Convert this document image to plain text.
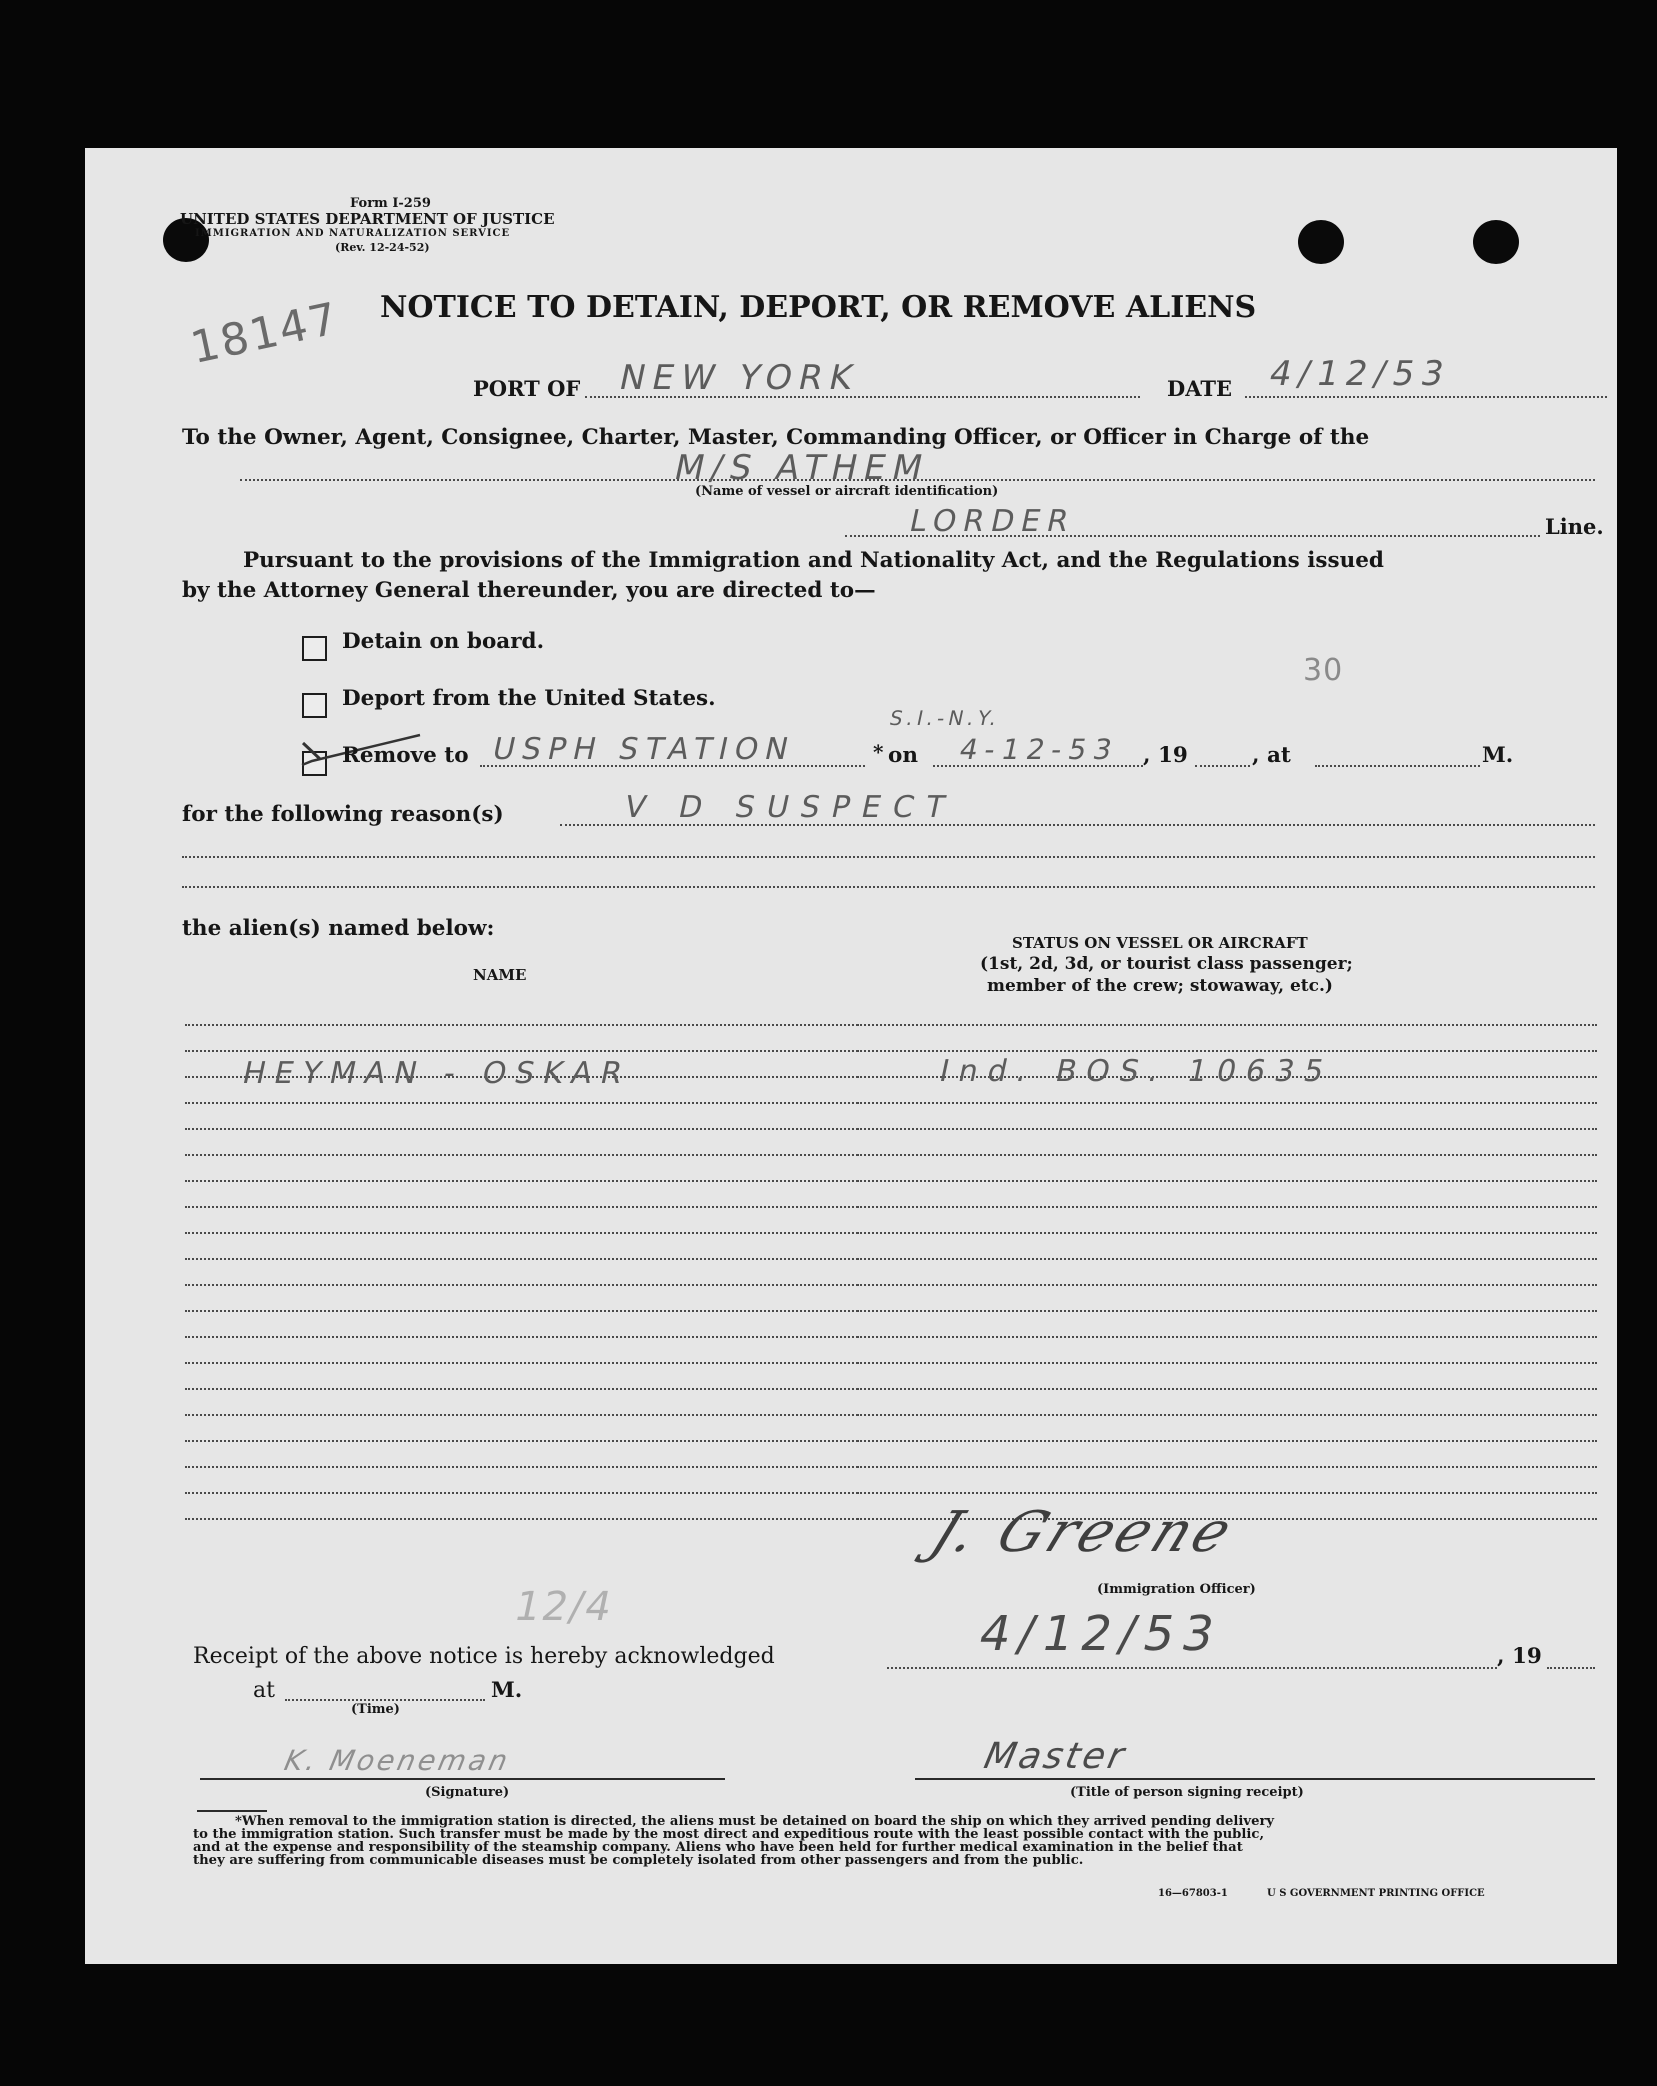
Form I-259
UNITED STATES DEPARTMENT OF JUSTICE
IMMIGRATION AND NATURALIZATION SERVICE
(Rev. 12-24-52)
18147 NOTICE TO DETAIN, DEPORT, OR REMOVE ALIENS
PORT OF NEW YORK	DATE 4/12/53
To the Owner, Agent, Consignee, Charter, Master, Commanding Officer, or Officer in Charge of the
M/S ATHEM
(Name of vessel or aircraft identification)
LORDER	Line.
Pursuant to the provisions of the Immigration and Nationality Act, and the Regulations issued
by the Attorney General thereunder, you are directed to—
Detain on board.
Deport from the United States.
30
Remove to USPH STATION
S.I.-N.Y.
* on 4-12-53 , 19	, at	M.
for the following reason(s)	V D SUSPECT
the alien(s) named below:
NAME
STATUS ON VESSEL OR AIRCRAFT
(1st, 2d, 3d, or tourist class passenger;
member of the crew; stowaway, etc.)
HEYMAN - OSKAR	Ind. BOS. 10635
J. Greene
(Immigration Officer)
12/4
Receipt of the above notice is hereby acknowledged	4/12/53	, 19
at	M.
(Time)
K. Moeneman
(Signature)
Master
(Title of person signing receipt)
*When removal to the immigration station is directed, the aliens must be detained on board the ship on which they arrived pending delivery
to the immigration station. Such transfer must be made by the most direct and expeditious route with the least possible contact with the public,
and at the expense and responsibility of the steamship company. Aliens who have been held for further medical examination in the belief that
they are suffering from communicable diseases must be completely isolated from other passengers and from the public.
16—67803-1	U S GOVERNMENT PRINTING OFFICE
